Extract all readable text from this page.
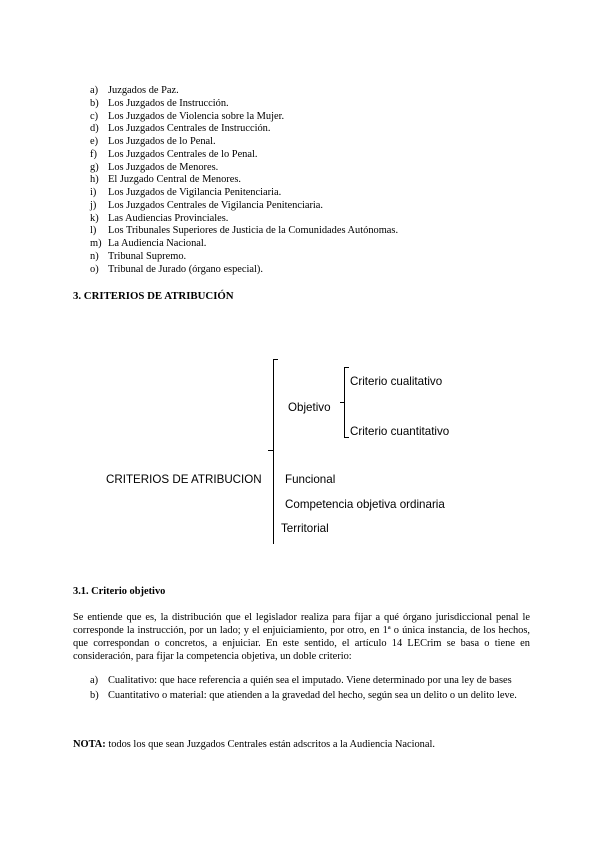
a) Juzgados de Paz.
b) Los Juzgados de Instrucción.
c) Los Juzgados de Violencia sobre la Mujer.
d) Los Juzgados Centrales de Instrucción.
e) Los Juzgados de lo Penal.
f)	Los Juzgados Centrales de lo Penal.
g) Los Juzgados de Menores.
h) El Juzgado Central de Menores.
i)	Los Juzgados de Vigilancia Penitenciaria.
j)	Los Juzgados Centrales de Vigilancia Penitenciaria.
k) Las Audiencias Provinciales.
l)	Los Tribunales Superiores de Justicia de la Comunidades Autónomas.
m) La Audiencia Nacional.
n) Tribunal Supremo.
o) Tribunal de Jurado (órgano especial).
3. CRITERIOS DE ATRIBUCIÓN
CRITERIOS DE ATRIBUCION
Objetivo
Criterio cualitativo
Criterio cuantitativo
Funcional
Competencia objetiva ordinaria
Territorial
3.1. Criterio objetivo
Se entiende que es, la distribución que el legislador realiza para fijar a qué órgano jurisdiccional penal le corresponde la instrucción, por un lado; y el enjuiciamiento, por otro, en 1ª o única instancia, de los hechos, que correspondan o concretos, a enjuiciar. En este sentido, el artículo 14 LECrim se basa o tiene en consideración, para fijar la competencia objetiva, un doble criterio:
a) Cualitativo: que hace referencia a quién sea el imputado. Viene determinado por una ley de bases
b) Cuantitativo o material: que atienden a la gravedad del hecho, según sea un delito o un delito leve.
NOTA: todos los que sean Juzgados Centrales están adscritos a la Audiencia Nacional.
